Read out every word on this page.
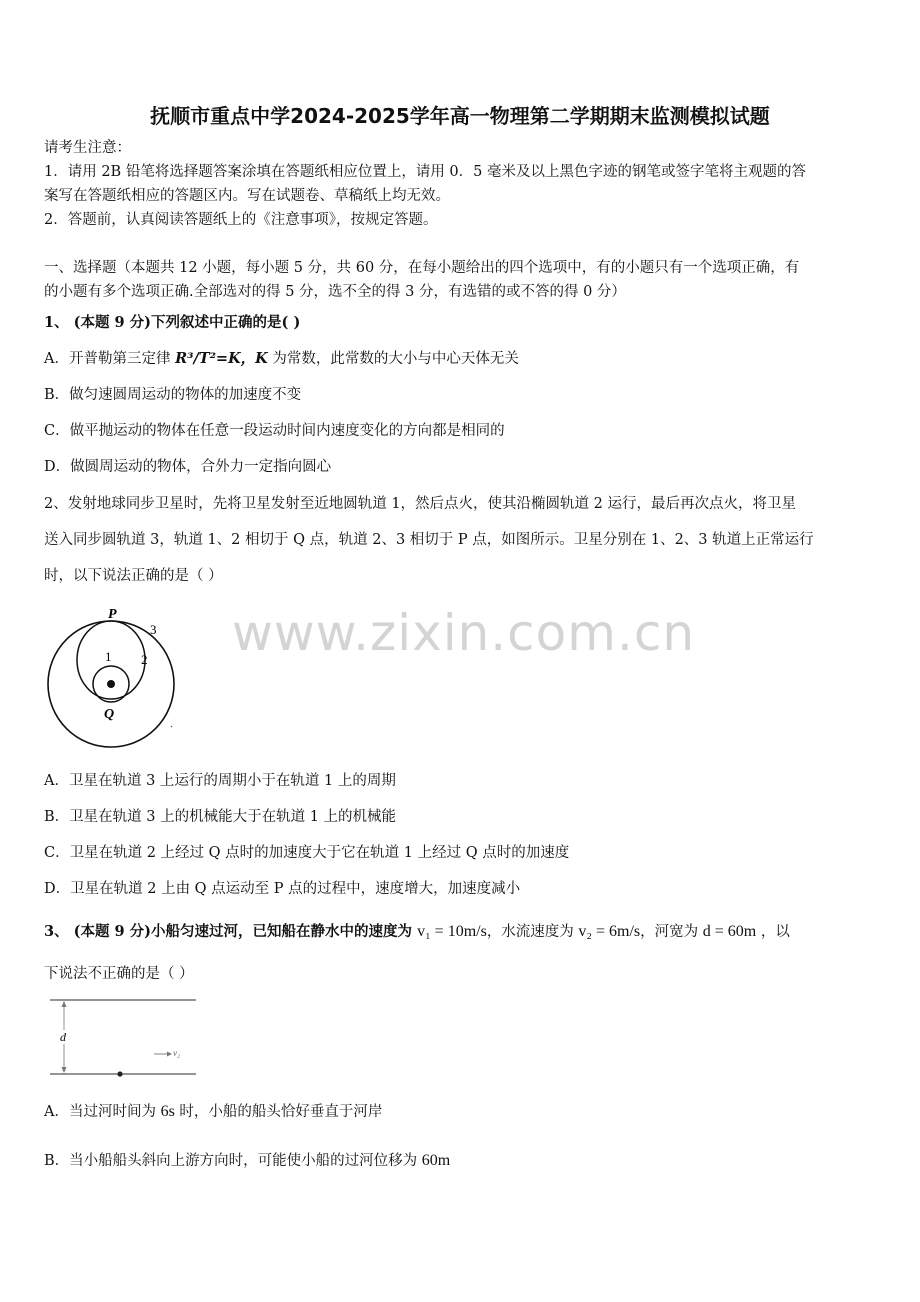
抚顺市重点中学2024-2025学年高一物理第二学期期末监测模拟试题
请考生注意：
1．请用 2B 铅笔将选择题答案涂填在答题纸相应位置上，请用 0．5 毫米及以上黑色字迹的钢笔或签字笔将主观题的答
案写在答题纸相应的答题区内。写在试题卷、草稿纸上均无效。
2．答题前，认真阅读答题纸上的《注意事项》，按规定答题。
一、选择题（本题共 12 小题，每小题 5 分，共 60 分，在每小题给出的四个选项中，有的小题只有一个选项正确，有
的小题有多个选项正确.全部选对的得 5 分，选不全的得 3 分，有选错的或不答的得 0 分）
1、 (本题 9 分)下列叙述中正确的是( )
A．开普勒第三定律 R³/T²=K，K 为常数，此常数的大小与中心天体无关
B．做匀速圆周运动的物体的加速度不变
C．做平抛运动的物体在任意一段运动时间内速度变化的方向都是相同的
D．做圆周运动的物体，合外力一定指向圆心
2、发射地球同步卫星时，先将卫星发射至近地圆轨道 1，然后点火，使其沿椭圆轨道 2 运行，最后再次点火，将卫星
送入同步圆轨道 3，轨道 1、2 相切于 Q 点，轨道 2、3 相切于 P 点，如图所示。卫星分别在 1、2、3 轨道上正常运行
时，以下说法正确的是（ ）
P
3
1 2
Q
www.zixin.com.cn
A．卫星在轨道 3 上运行的周期小于在轨道 1 上的周期
B．卫星在轨道 3 上的机械能大于在轨道 1 上的机械能
C．卫星在轨道 2 上经过 Q 点时的加速度大于它在轨道 1 上经过 Q 点时的加速度
D．卫星在轨道 2 上由 Q 点运动至 P 点的过程中，速度增大，加速度减小
3、 (本题 9 分)小船匀速过河，已知船在静水中的速度为 v₁ = 10m/s，水流速度为 v₂ = 6m/s，河宽为 d = 60m ，以
下说法不正确的是（ ）
d
v₂
A．当过河时间为 6s 时，小船的船头恰好垂直于河岸
B．当小船船头斜向上游方向时，可能使小船的过河位移为 60m
